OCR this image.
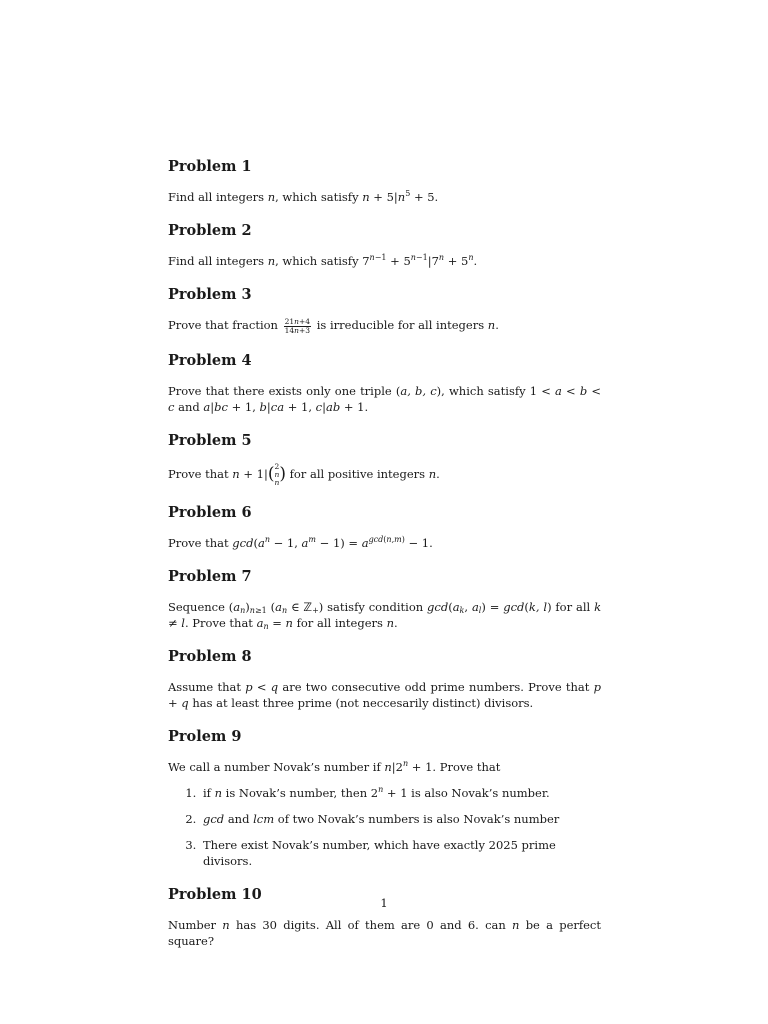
Problem 1

Find all integers n, which satisfy $n + 5|n^5 + 5$.

Problem 2

Find all integers n, which satisfy $7^{n-1} + 5^{n-1}|7^n + 5^n$.

Problem 3

Prove that fraction $\frac{21n+4}{14n+3}$ is irreducible for all integers n.

Problem 4

Prove that there exists only one triple (a, b, c), which satisfy 1 < a < b < c and a|bc + 1, b|ca + 1, c|ab + 1.

Problem 5

Prove that n + 1| ( 2
n
n ) for all positive integers n.

Problem 6

Prove that $\gcd(a^n - 1$, $a^m - 1) = a^{gcd(n,m)} - 1$.

Problem 7

Sequence $(a_n)_{n\ge 1}$ ($a_n$ ∈ ℤ$_+$) satisfy condition $\gcd(a_k$, $a_l) = \gcd(k$, l) for all k ≠ l. Prove that $a_n = n$ for all integers n.

Problem 8

Assume that p < q are two consecutive odd prime numbers. Prove that p + q has at least three prime (not neccesarily distinct) divisors.

Prolem 9

We call a number Novak’s number if $n|2^n + 1$. Prove that

1. if n is Novak’s number, then $2^n + 1$ is also Novak’s number.
2. gcd and lcm of two Novak’s numbers is also Novak’s number
3. There exist Novak’s number, which have exactly 2025 prime divisors.
Problem 10

Number n has 30 digits. All of them are 0 and 6. can n be a perfect square?

1
